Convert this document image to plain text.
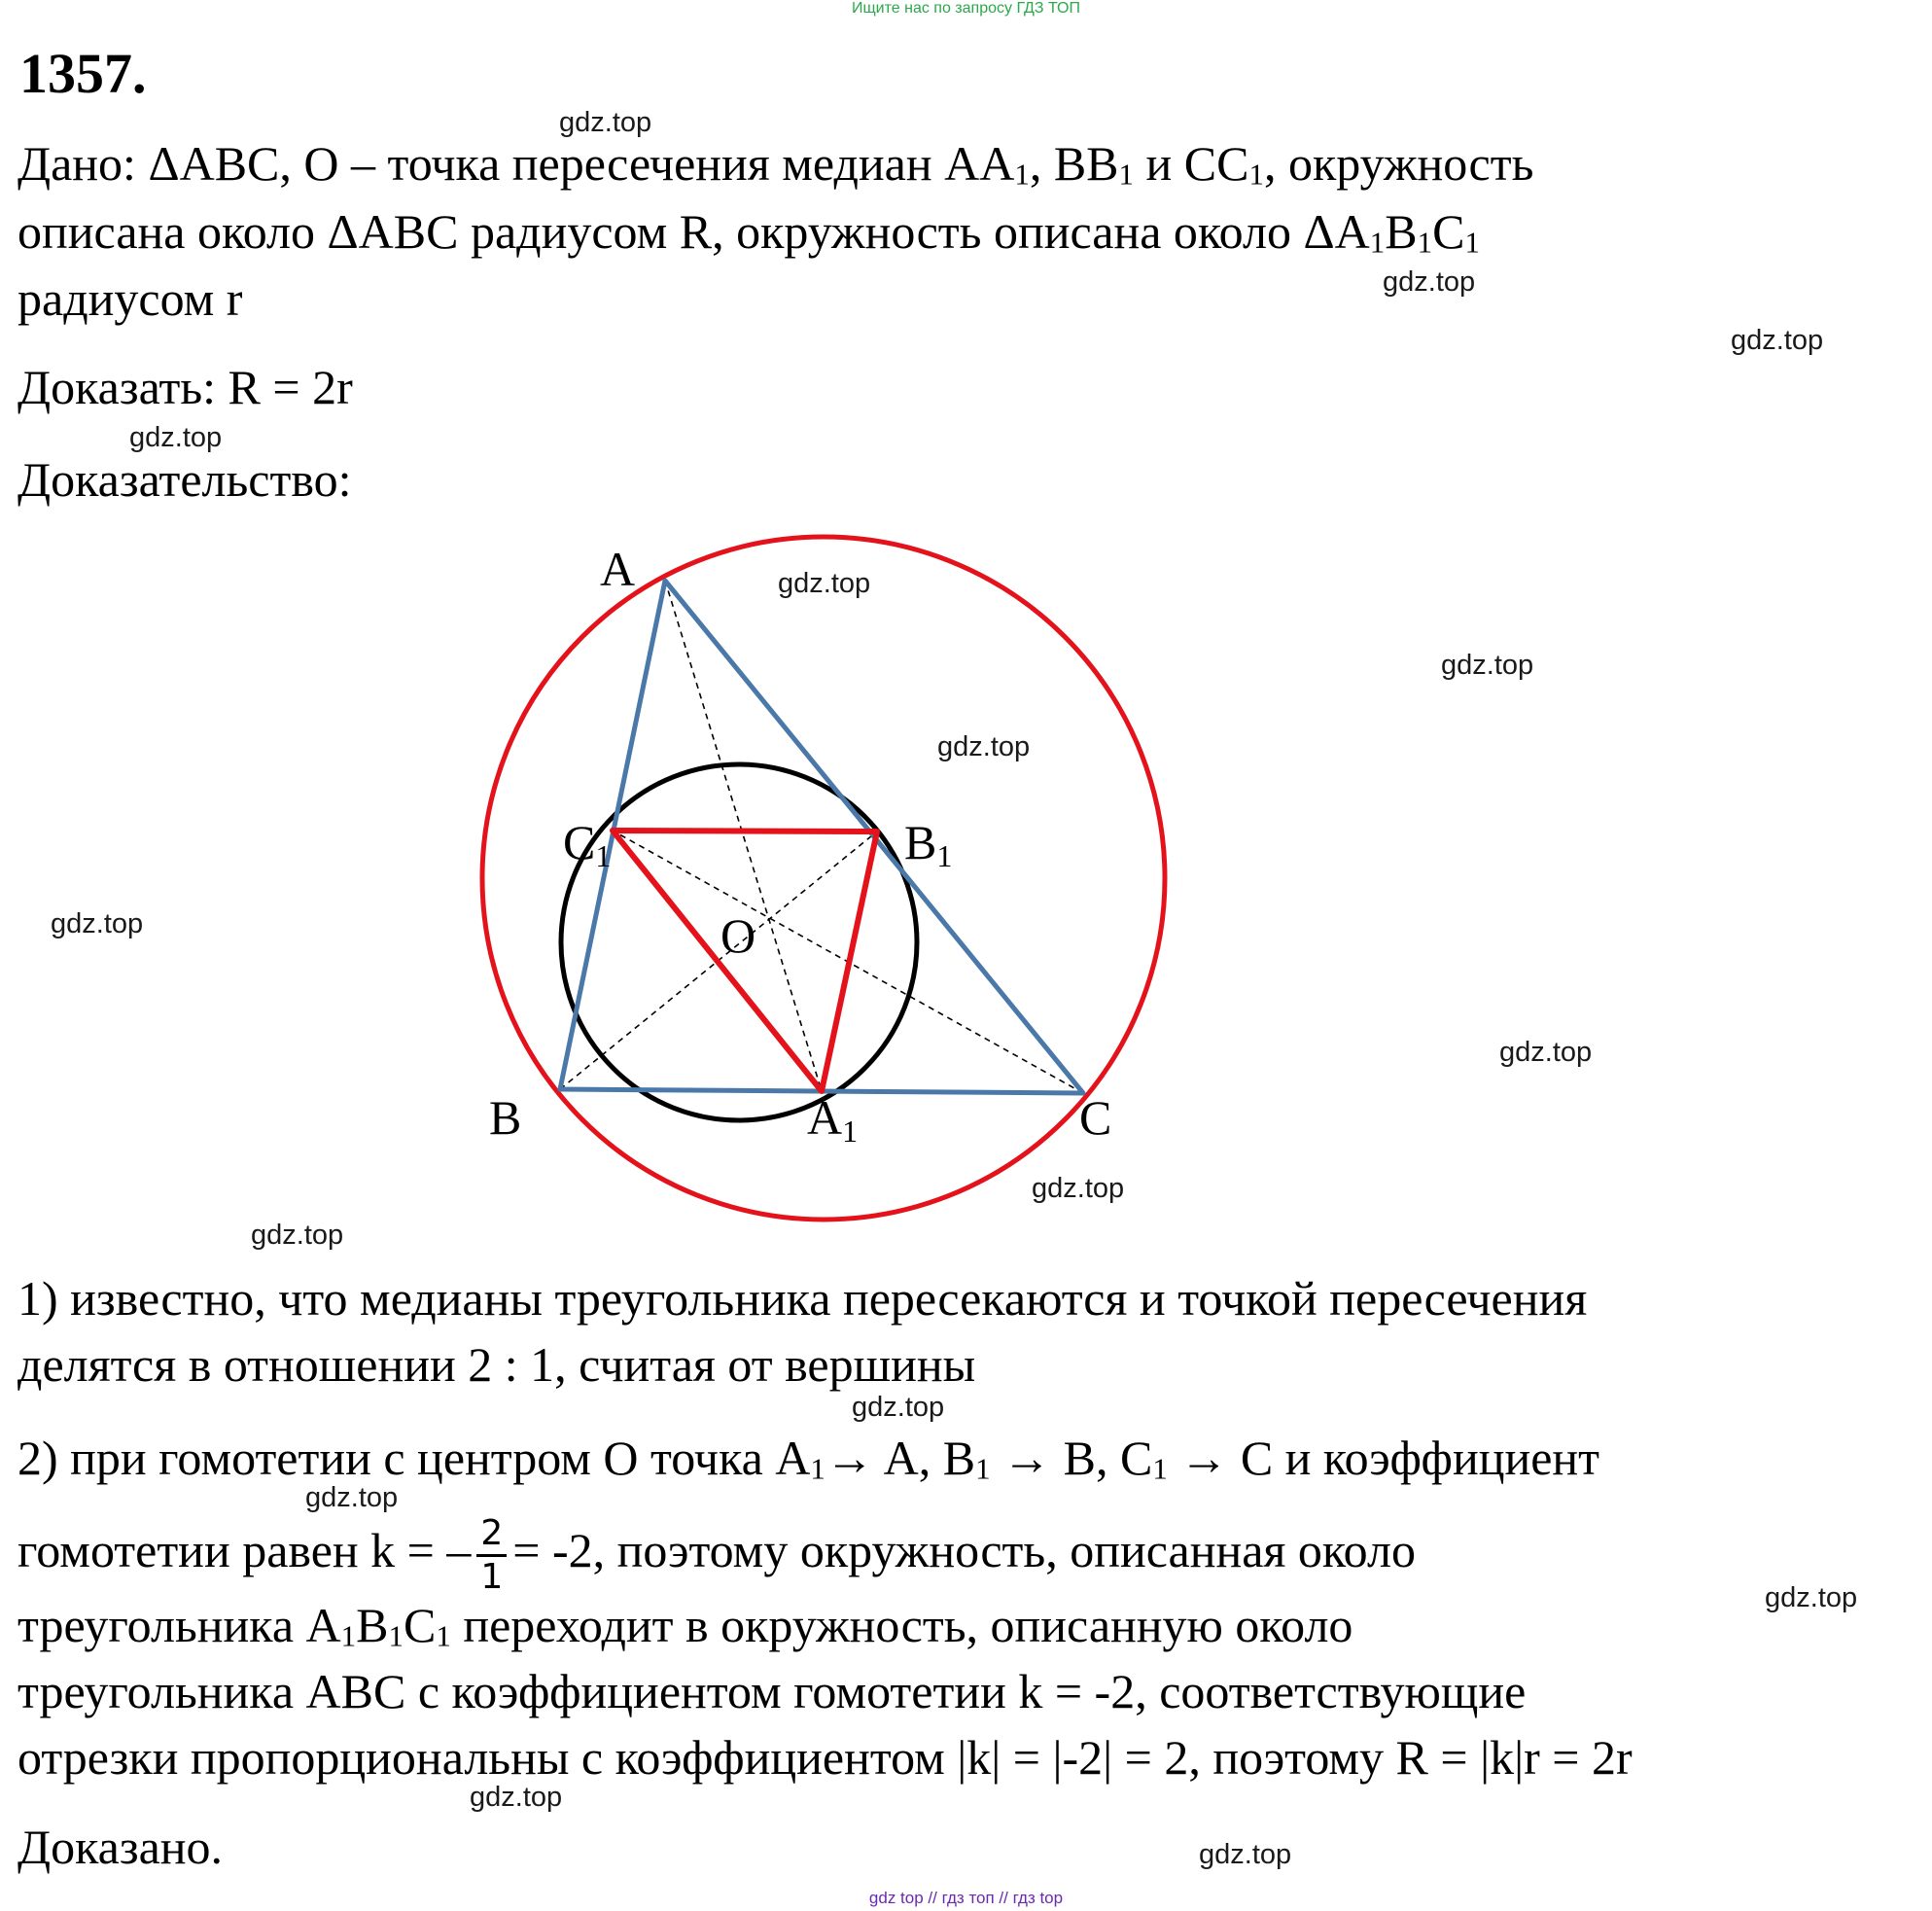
Ищите нас по запросу ГДЗ ТОП
1357.
Дано: ΔABC, O – точка пересечения медиан $AA_1$, $BB_1$ и $CC_1$, окружность
описана около ΔABC радиусом R, окружность описана около $\Delta A_1B_1C_1$
радиусом r
Доказать: R = 2r
Доказательство:
A
B	C
C1	B1
A1
O
1) известно, что медианы треугольника пересекаются и точкой пересечения
делятся в отношении 2 : 1, считая от вершины
2) при гомотетии с центром O точка $A_1\to A$, $B_1 \to B$, $C_1 \to C$ и коэффициент
гомотетии равен k = – $\frac{2}{1} = -2$, поэтому окружность, описанная около
треугольника $A_1B_1C_1$ переходит в окружность, описанную около
треугольника ABC с коэффициентом гомотетии k = -2, соответствующие
отрезки пропорциональны с коэффициентом |k| = |-2| = 2, поэтому R = |k|r = 2r
Доказано.
gdz.top
gdz.top
gdz.top
gdz.top
gdz.top
gdz.top
gdz.top
gdz.top
gdz.top
gdz.top
gdz.top
gdz.top
gdz.top
gdz.top
gdz.top
gdz.top
gdz top // гдз топ // гдз top
